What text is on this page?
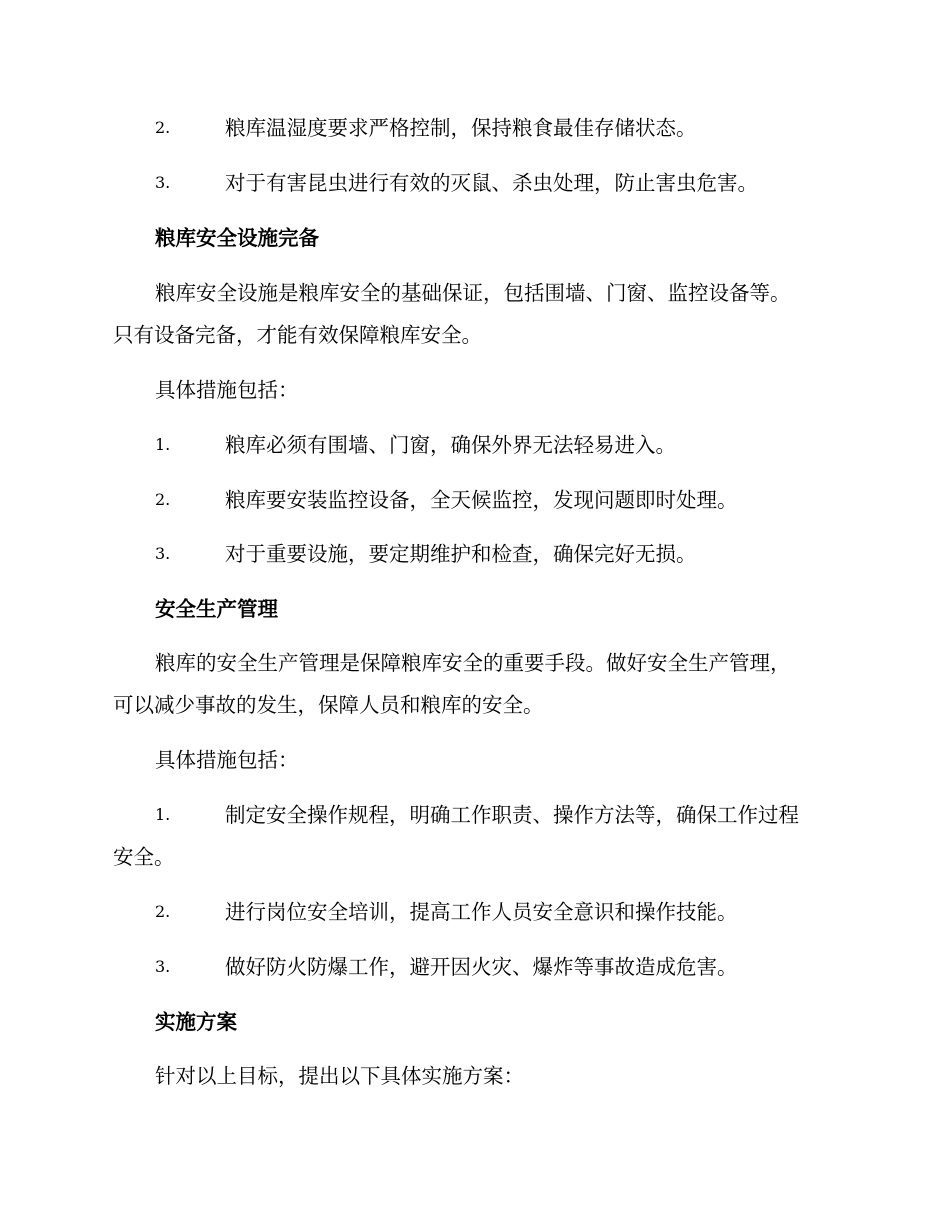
2.	粮库温湿度要求严格控制，保持粮食最佳存储状态。
3.	对于有害昆虫进行有效的灭鼠、杀虫处理，防止害虫危害。
粮库安全设施完备
粮库安全设施是粮库安全的基础保证，包括围墙、门窗、监控设备等。
只有设备完备，才能有效保障粮库安全。
具体措施包括：
1.	粮库必须有围墙、门窗，确保外界无法轻易进入。
2.	粮库要安装监控设备，全天候监控，发现问题即时处理。
3.	对于重要设施，要定期维护和检查，确保完好无损。
安全生产管理
粮库的安全生产管理是保障粮库安全的重要手段。做好安全生产管理，
可以减少事故的发生，保障人员和粮库的安全。
具体措施包括：
1.	制定安全操作规程，明确工作职责、操作方法等，确保工作过程
安全。
2.	进行岗位安全培训，提高工作人员安全意识和操作技能。
3.	做好防火防爆工作，避开因火灾、爆炸等事故造成危害。
实施方案
针对以上目标，提出以下具体实施方案：
